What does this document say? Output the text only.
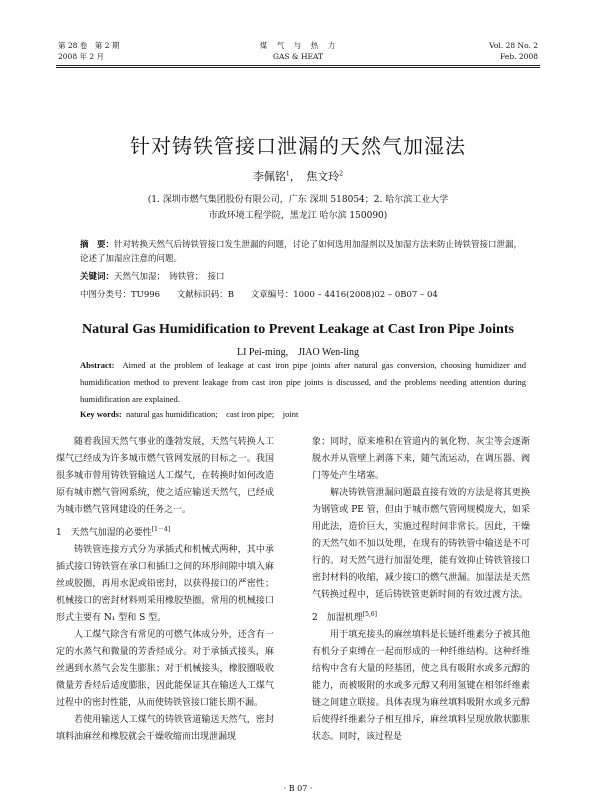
第 28 卷　第 2 期
2008 年 2 月
煤　气　与　热　力
GAS & HEAT
Vol. 28 No. 2
Feb. 2008
针对铸铁管接口泄漏的天然气加湿法
李佩铭$^1$，　焦文玲$^2$
(1. 深圳市燃气集团股份有限公司，广东 深圳 518054；2. 哈尔滨工业大学
市政环境工程学院，黑龙江 哈尔滨 150090)
摘　要：针对转换天然气后铸铁管接口发生泄漏的问题，讨论了如何选用加湿剂以及加湿方法来防止铸铁管接口泄漏，论述了加湿应注意的问题。
关键词：天然气加湿；　铸铁管；　接口
中图分类号：TU996 文献标识码：B 文章编号：1000 – 4416(2008)02 – 0B07 – 04
Natural Gas Humidification to Prevent Leakage at Cast Iron Pipe Joints
LI Pei-ming,　JIAO Wen-ling
Abstract: Aimed at the problem of leakage at cast iron pipe joints after natural gas conversion, choosing humidizer and humidification method to prevent leakage from cast iron pipe joints is discussed, and the problems needing attention during humidification are explained.
Key words: natural gas humidification;　cast iron pipe;　joint

随着我国天然气事业的蓬勃发展，天然气转换人工煤气已经成为许多城市燃气管网发展的目标之一。我国很多城市曾用铸铁管输送人工煤气，在转换时如何改造原有城市燃气管网系统，使之适应输送天然气，已经成为城市燃气管网建设的任务之一。

1　天然气加湿的必要性[1－4]

铸铁管连接方式分为承插式和机械式两种，其中承插式接口铸铁管在承口和插口之间的环形间隙中填入麻丝或胶圈，再用水泥或铅密封，以获得接口的严密性；机械接口的密封材料则采用橡胶垫圈，常用的机械接口形式主要有 N₁ 型和 S 型。

人工煤气除含有常见的可燃气体成分外，还含有一定的水蒸气和微量的芳香烃成分。对于承插式接头，麻丝遇到水蒸气会发生膨胀；对于机械接头，橡胶圈吸收微量芳香烃后适度膨胀，因此能保证其在输送人工煤气过程中的密封性能，从而使铸铁管接口能长期不漏。

若使用输送人工煤气的铸铁管道输送天然气，密封填料油麻丝和橡胶就会干燥收缩而出现泄漏现

象；同时，原来堆积在管道内的氧化物、灰尘等会逐渐脱水并从管壁上剥落下来，随气流运动，在调压器、阀门等处产生堵塞。

解决铸铁管泄漏问题最直接有效的方法是将其更换为钢管或 PE 管，但由于城市燃气管网规模庞大，如采用此法，造价巨大，实施过程时间非常长。因此，干燥的天然气如不加以处理，在现有的铸铁管中输送是不可行的。对天然气进行加湿处理，能有效抑止铸铁管接口密封材料的收缩，减少接口的燃气泄漏。加湿法是天然气转换过程中，延后铸铁管更新时间的有效过渡方法。

2　加湿机理[5,6]

用于填充接头的麻丝填料是长链纤维素分子被其他有机分子束缚在一起而形成的一种纤维结构。这种纤维结构中含有大量的羟基团，使之具有吸附水或多元醇的能力，而被吸附的水或多元醇又利用氢键在相邻纤维素链之间建立联接。具体表现为麻丝填料吸附水或多元醇后使得纤维素分子相互排斥，麻丝填料呈现放散状膨胀状态。同时，该过程是

· B 07 ·
